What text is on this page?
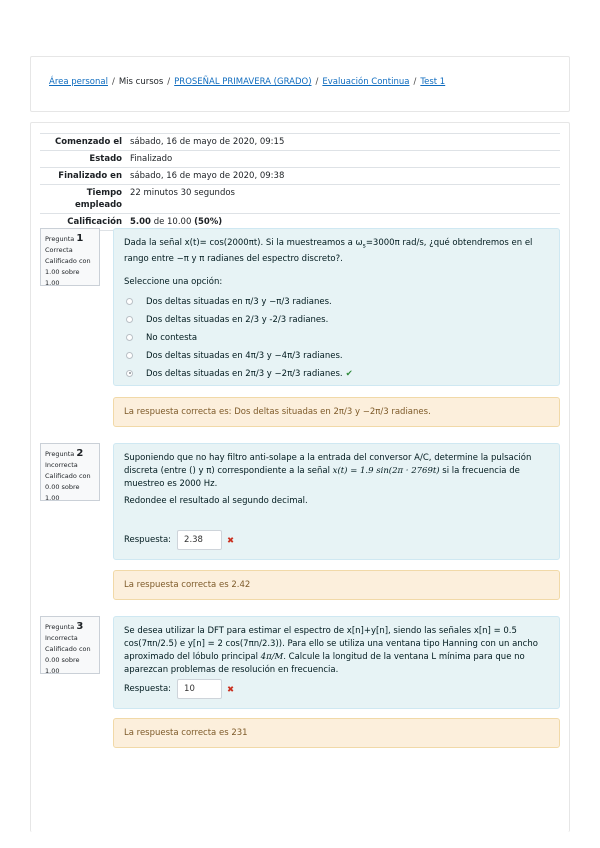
Área personal / Mis cursos / PROSEÑAL PRIMAVERA (GRADO) / Evaluación Continua / Test 1
Comenzado el	sábado, 16 de mayo de 2020, 09:15
Estado	Finalizado
Finalizado en	sábado, 16 de mayo de 2020, 09:38
Tiempo empleado	22 minutos 30 segundos
Calificación	5.00 de 10.00 (50%)
Pregunta 1
Correcta
Calificado con 1.00 sobre 1.00
Dada la señal x(t)= cos(2000πt). Si la muestreamos a $\omega_s=3000\pi$ rad/s, ¿qué obtendremos en el rango entre −π y π radianes del espectro discreto?.
Seleccione una opción:
Dos deltas situadas en π/3 y −π/3 radianes.
Dos deltas situadas en 2/3 y -2/3 radianes.
No contesta
Dos deltas situadas en 4π/3 y −4π/3 radianes.
Dos deltas situadas en 2π/3 y −2π/3 radianes. ✔
La respuesta correcta es: Dos deltas situadas en 2π/3 y −2π/3 radianes.
Pregunta 2
Incorrecta
Calificado con 0.00 sobre 1.00
Suponiendo que no hay filtro anti-solape a la entrada del conversor A/C, determine la pulsación discreta (entre () y π) correspondiente a la señal x(t) = 1.9 sin(2π · 2769t) si la frecuencia de muestreo es 2000 Hz.
Redondee el resultado al segundo decimal.
Respuesta: 2.38	✖
La respuesta correcta es 2.42
Pregunta 3
Incorrecta
Calificado con 0.00 sobre 1.00
Se desea utilizar la DFT para estimar el espectro de x[n]+y[n], siendo las señales x[n] = 0.5 cos(7πn/2.5) e y[n] = 2 cos(7πn/2.3)). Para ello se utiliza una ventana tipo Hanning con un ancho aproximado del lóbulo principal 4π/M. Calcule la longitud de la ventana L mínima para que no aparezcan problemas de resolución en frecuencia.
Respuesta: 10	✖
La respuesta correcta es 231
